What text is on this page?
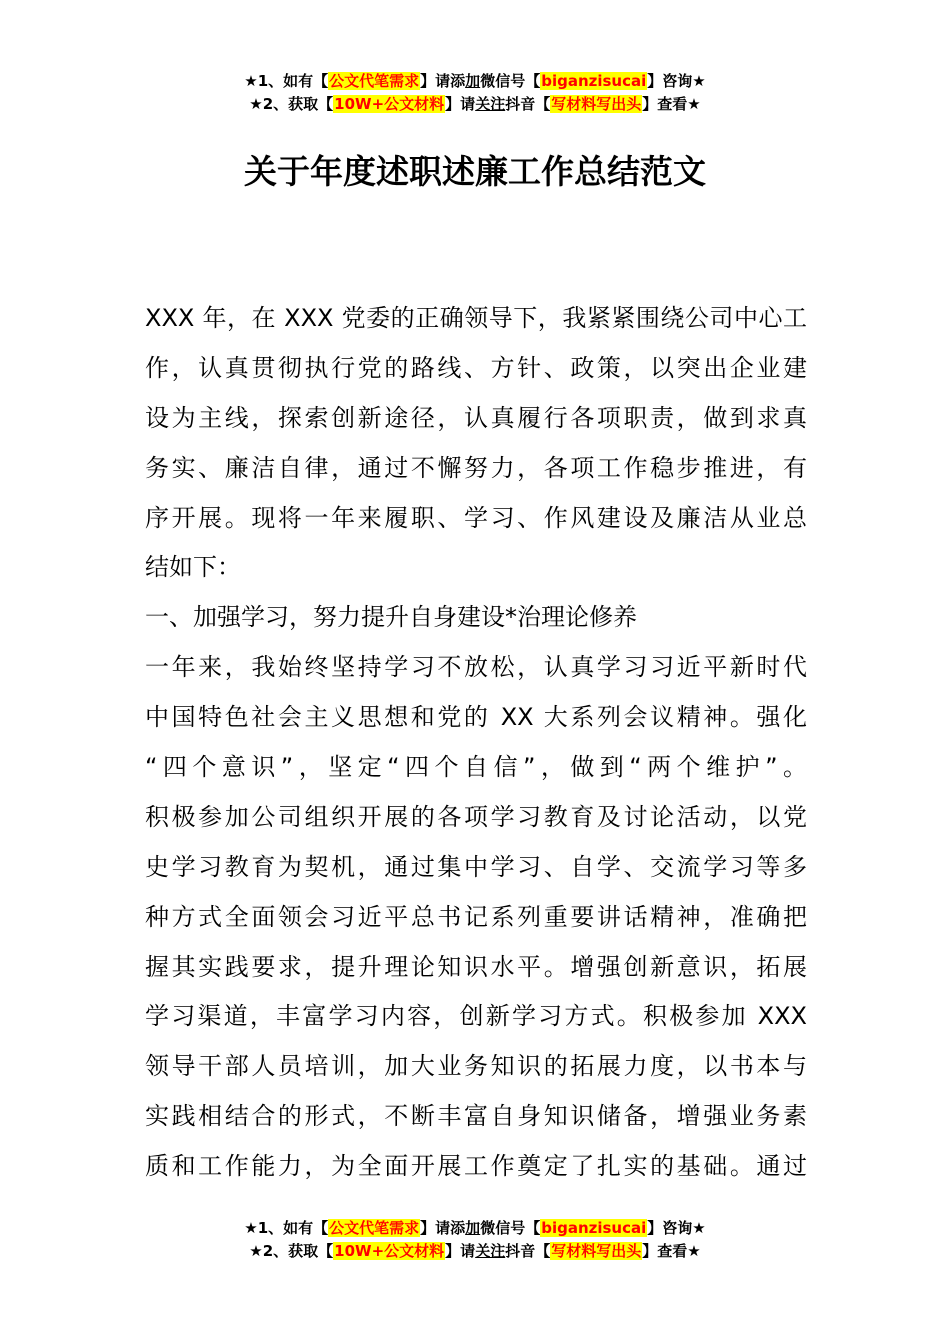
★1、如有【公文代笔需求】请添加微信号【biganzisucai】咨询★
★2、获取【10W+公文材料】请关注抖音【写材料写出头】查看★
关于年度述职述廉工作总结范文
XXX 年，在 XXX 党委的正确领导下，我紧紧围绕公司中心工
作，认真贯彻执行党的路线、方针、政策，以突出企业建
设为主线，探索创新途径，认真履行各项职责，做到求真
务实、廉洁自律，通过不懈努力，各项工作稳步推进，有
序开展。现将一年来履职、学习、作风建设及廉洁从业总
结如下：
一、加强学习，努力提升自身建设*治理论修养
一年来，我始终坚持学习不放松，认真学习习近平新时代
中国特色社会主义思想和党的 XX 大系列会议精神。强化
“四个意识”，坚定“四个自信”，做到“两个维护”。
积极参加公司组织开展的各项学习教育及讨论活动，以党
史学习教育为契机，通过集中学习、自学、交流学习等多
种方式全面领会习近平总书记系列重要讲话精神，准确把
握其实践要求，提升理论知识水平。增强创新意识，拓展
学习渠道，丰富学习内容，创新学习方式。积极参加 XXX
领导干部人员培训，加大业务知识的拓展力度，以书本与
实践相结合的形式，不断丰富自身知识储备，增强业务素
质和工作能力，为全面开展工作奠定了扎实的基础。通过
★1、如有【公文代笔需求】请添加微信号【biganzisucai】咨询★
★2、获取【10W+公文材料】请关注抖音【写材料写出头】查看★
